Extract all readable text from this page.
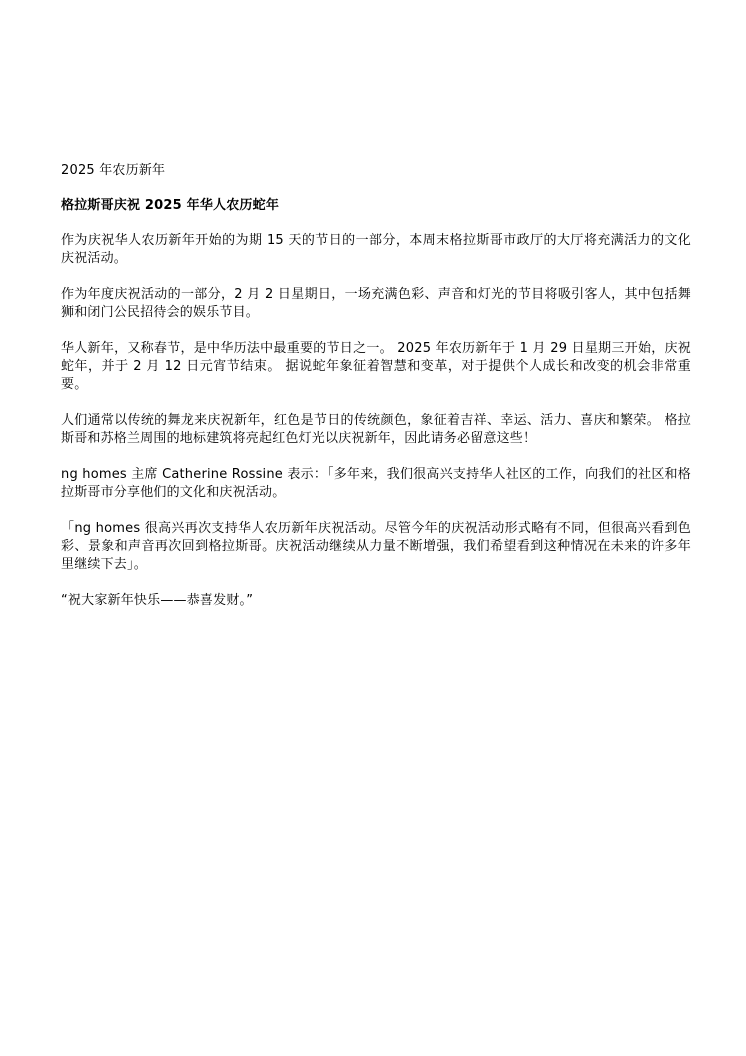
2025 年农历新年

格拉斯哥庆祝 2025 年华人农历蛇年

作为庆祝华人农历新年开始的为期 15 天的节日的一部分，本周末格拉斯哥市政厅的大厅将充满活力的文化庆祝活动。

作为年度庆祝活动的一部分，2 月 2 日星期日，一场充满色彩、声音和灯光的节目将吸引客人，其中包括舞狮和闭门公民招待会的娱乐节目。

华人新年，又称春节，是中华历法中最重要的节日之一。 2025 年农历新年于 1 月 29 日星期三开始，庆祝蛇年，并于 2 月 12 日元宵节结束。 据说蛇年象征着智慧和变革，对于提供个人成长和改变的机会非常重要。

人们通常以传统的舞龙来庆祝新年，红色是节日的传统颜色，象征着吉祥、幸运、活力、喜庆和繁荣。 格拉斯哥和苏格兰周围的地标建筑将亮起红色灯光以庆祝新年，因此请务必留意这些！

ng homes 主席 Catherine Rossine 表示：「多年来，我们很高兴支持华人社区的工作，向我们的社区和格拉斯哥市分享他们的文化和庆祝活动。

「ng homes 很高兴再次支持华人农历新年庆祝活动。尽管今年的庆祝活动形式略有不同，但很高兴看到色彩、景象和声音再次回到格拉斯哥。庆祝活动继续从力量不断增强，我们希望看到这种情况在未来的许多年里继续下去」。

“祝大家新年快乐——恭喜发财。”
